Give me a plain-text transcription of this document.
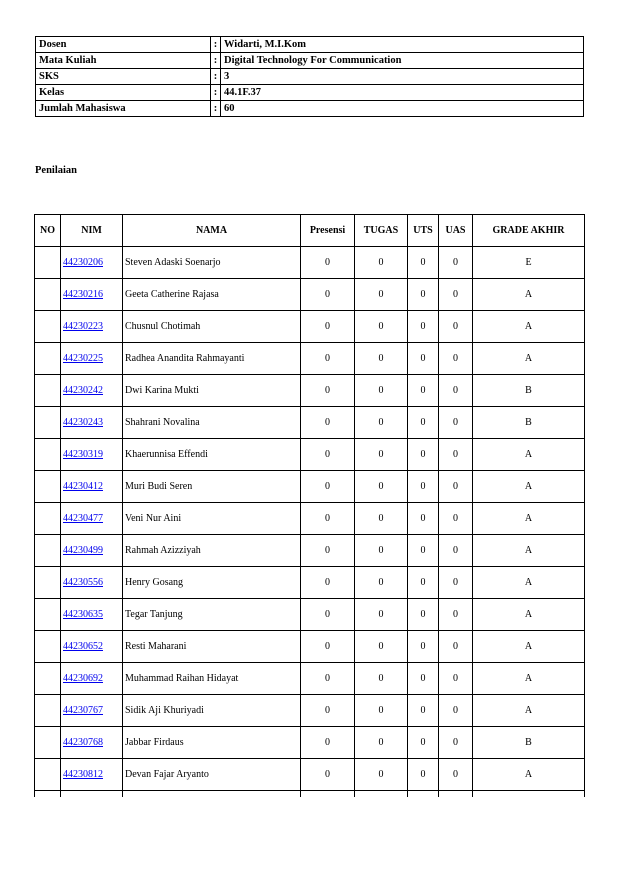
Dosen	:	Widarti, M.I.Kom
Mata Kuliah	:	Digital Technology For Communication
SKS	:	3
Kelas	:	44.1F.37
Jumlah Mahasiswa	:	60
Penilaian
NO	NIM	NAMA	Presensi	TUGAS	UTS	UAS	GRADE AKHIR
	44230206	Steven Adaski Soenarjo	0	0	0	0	E
	44230216	Geeta Catherine Rajasa	0	0	0	0	A
	44230223	Chusnul Chotimah	0	0	0	0	A
	44230225	Radhea Anandita Rahmayanti	0	0	0	0	A
	44230242	Dwi Karina Mukti	0	0	0	0	B
	44230243	Shahrani Novalina	0	0	0	0	B
	44230319	Khaerunnisa Effendi	0	0	0	0	A
	44230412	Muri Budi Seren	0	0	0	0	A
	44230477	Veni Nur Aini	0	0	0	0	A
	44230499	Rahmah Azizziyah	0	0	0	0	A
	44230556	Henry Gosang	0	0	0	0	A
	44230635	Tegar Tanjung	0	0	0	0	A
	44230652	Resti Maharani	0	0	0	0	A
	44230692	Muhammad Raihan Hidayat	0	0	0	0	A
	44230767	Sidik Aji Khuriyadi	0	0	0	0	A
	44230768	Jabbar Firdaus	0	0	0	0	B
	44230812	Devan Fajar Aryanto	0	0	0	0	A
